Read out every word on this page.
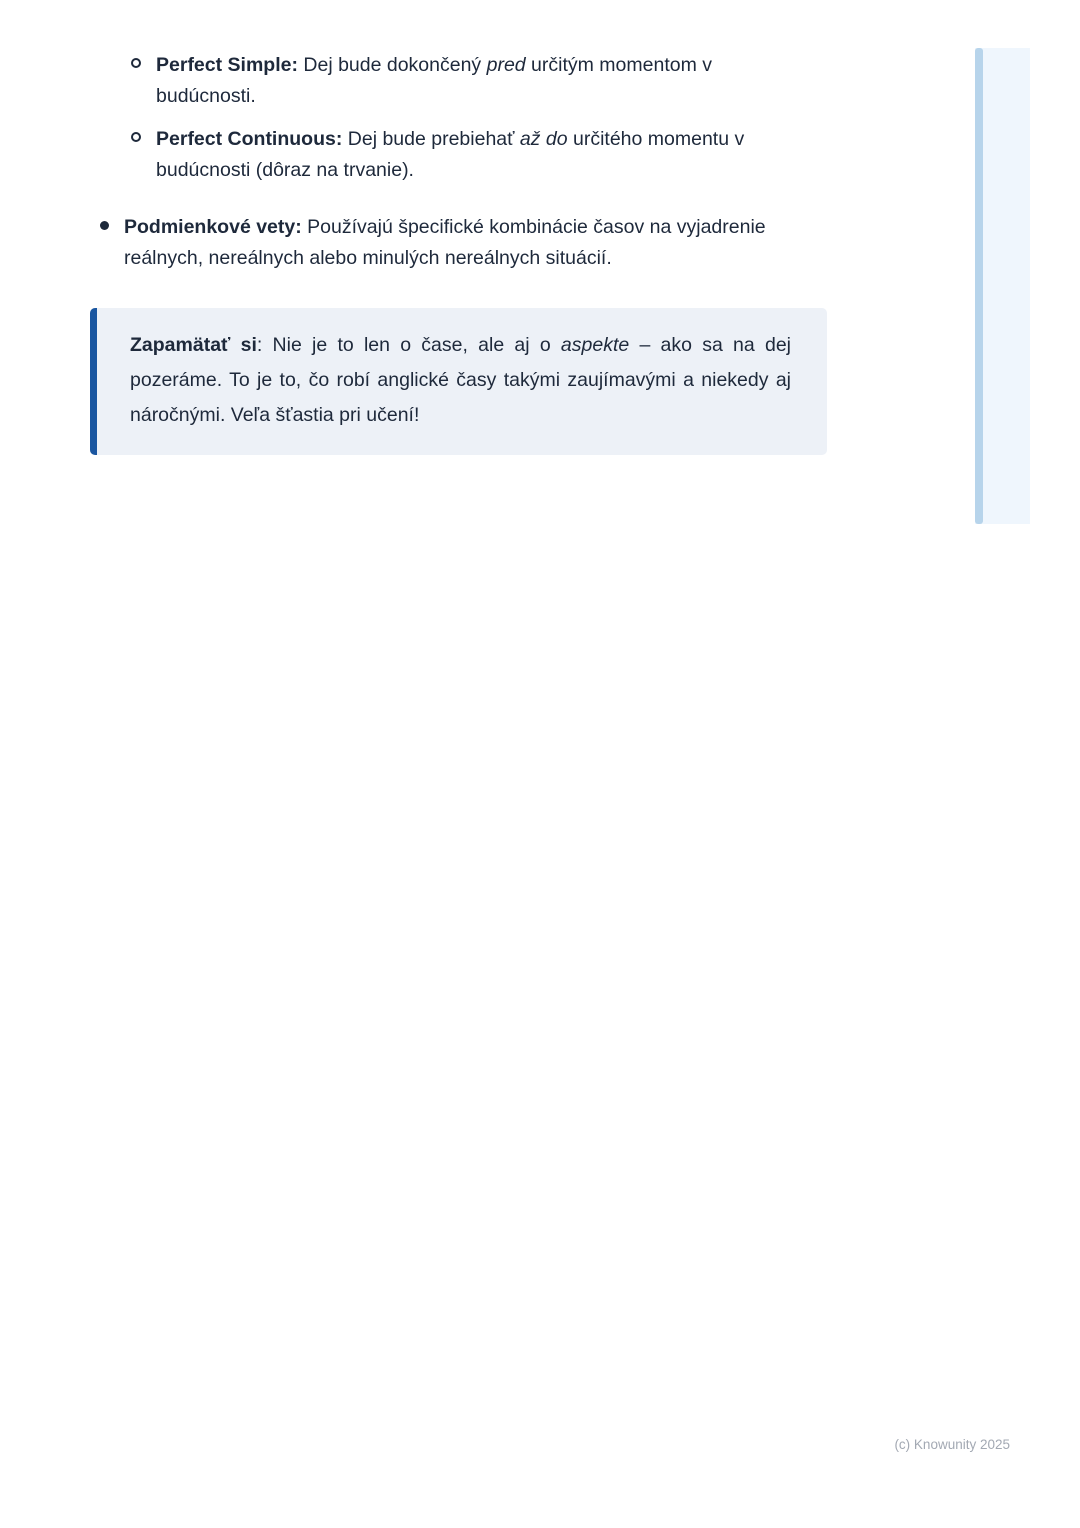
Perfect Simple: Dej bude dokončený pred určitým momentom v budúcnosti.
Perfect Continuous: Dej bude prebiehať až do určitého momentu v budúcnosti (dôraz na trvanie).
Podmienkové vety: Používajú špecifické kombinácie časov na vyjadrenie reálnych, nereálnych alebo minulých nereálnych situácií.
Zapamätať si: Nie je to len o čase, ale aj o aspekte – ako sa na dej pozeráme. To je to, čo robí anglické časy takými zaujímavými a niekedy aj náročnými. Veľa šťastia pri učení!
(c) Knowunity 2025
